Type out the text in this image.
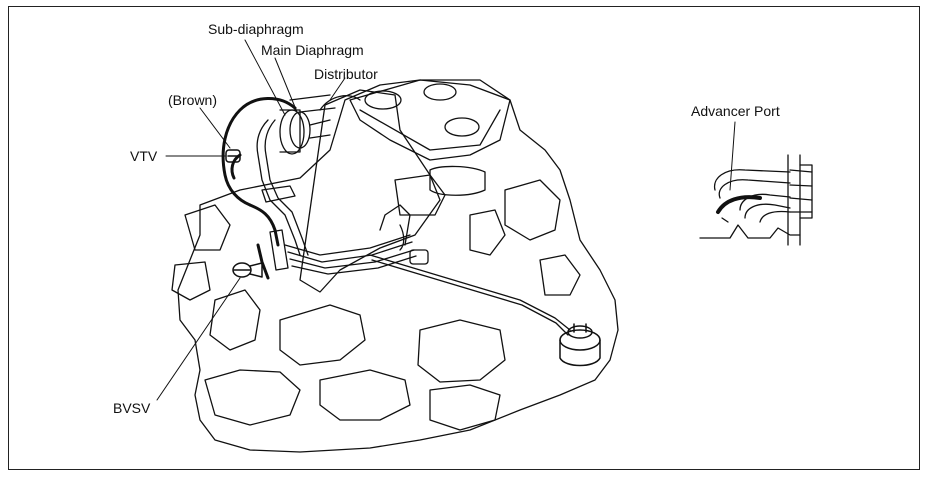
Sub-diaphragm
Main Diaphragm
Distributor
(Brown)
VTV
BVSV
Advancer Port
